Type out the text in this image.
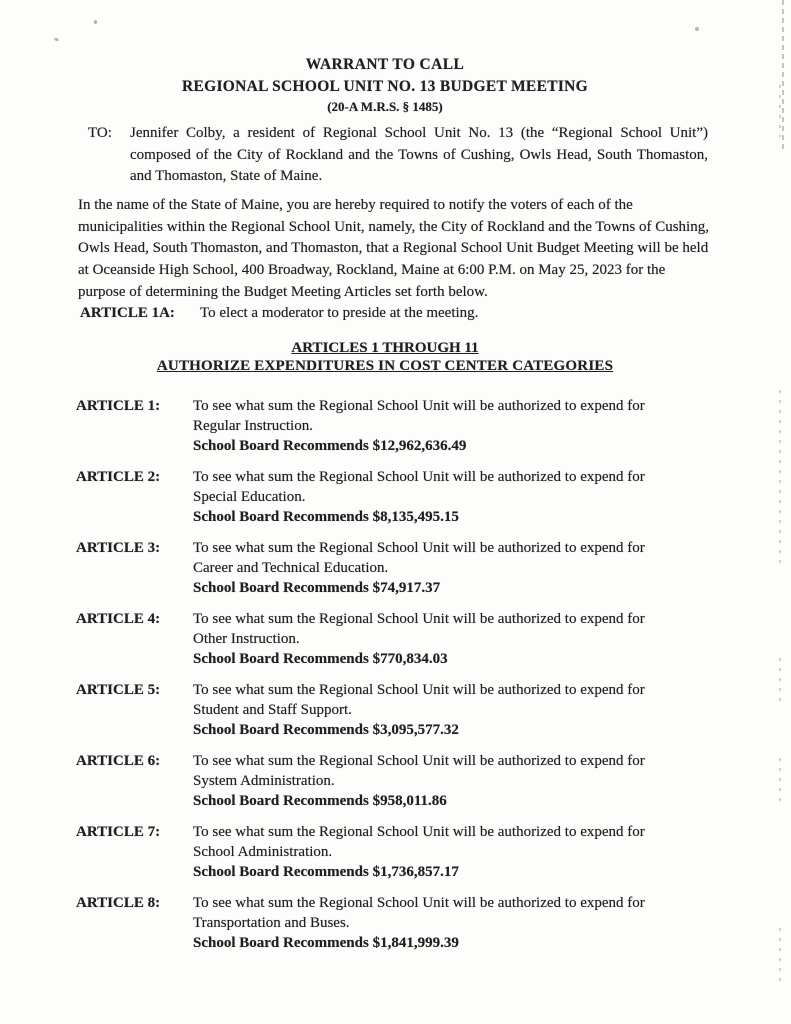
WARRANT TO CALL
REGIONAL SCHOOL UNIT NO. 13 BUDGET MEETING
(20-A M.R.S. § 1485)
TO: Jennifer Colby, a resident of Regional School Unit No. 13 (the “Regional School Unit”) composed of the City of Rockland and the Towns of Cushing, Owls Head, South Thomaston, and Thomaston, State of Maine.
In the name of the State of Maine, you are hereby required to notify the voters of each of the municipalities within the Regional School Unit, namely, the City of Rockland and the Towns of Cushing, Owls Head, South Thomaston, and Thomaston, that a Regional School Unit Budget Meeting will be held at Oceanside High School, 400 Broadway, Rockland, Maine at 6:00 P.M. on May 25, 2023 for the purpose of determining the Budget Meeting Articles set forth below.
ARTICLE 1A:	To elect a moderator to preside at the meeting.
ARTICLES 1 THROUGH 11
AUTHORIZE EXPENDITURES IN COST CENTER CATEGORIES
ARTICLE 1:	To see what sum the Regional School Unit will be authorized to expend for
Regular Instruction.
School Board Recommends $12,962,636.49
ARTICLE 2:	To see what sum the Regional School Unit will be authorized to expend for
Special Education.
School Board Recommends $8,135,495.15
ARTICLE 3:	To see what sum the Regional School Unit will be authorized to expend for
Career and Technical Education.
School Board Recommends $74,917.37
ARTICLE 4:	To see what sum the Regional School Unit will be authorized to expend for
Other Instruction.
School Board Recommends $770,834.03
ARTICLE 5:	To see what sum the Regional School Unit will be authorized to expend for
Student and Staff Support.
School Board Recommends $3,095,577.32
ARTICLE 6:	To see what sum the Regional School Unit will be authorized to expend for
System Administration.
School Board Recommends $958,011.86
ARTICLE 7:	To see what sum the Regional School Unit will be authorized to expend for
School Administration.
School Board Recommends $1,736,857.17
ARTICLE 8:	To see what sum the Regional School Unit will be authorized to expend for
Transportation and Buses.
School Board Recommends $1,841,999.39
